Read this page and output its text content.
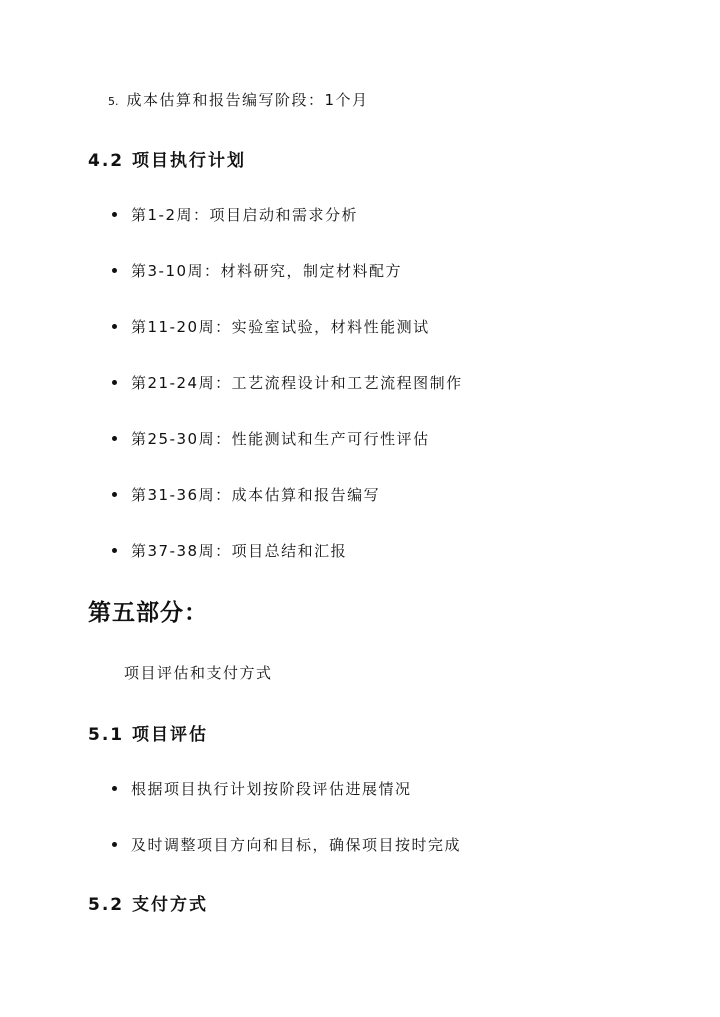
5. 成本估算和报告编写阶段：1个月
4.2 项目执行计划
第1-2周：项目启动和需求分析
第3-10周：材料研究，制定材料配方
第11-20周：实验室试验，材料性能测试
第21-24周：工艺流程设计和工艺流程图制作
第25-30周：性能测试和生产可行性评估
第31-36周：成本估算和报告编写
第37-38周：项目总结和汇报
第五部分：
项目评估和支付方式
5.1 项目评估
根据项目执行计划按阶段评估进展情况
及时调整项目方向和目标，确保项目按时完成
5.2 支付方式
